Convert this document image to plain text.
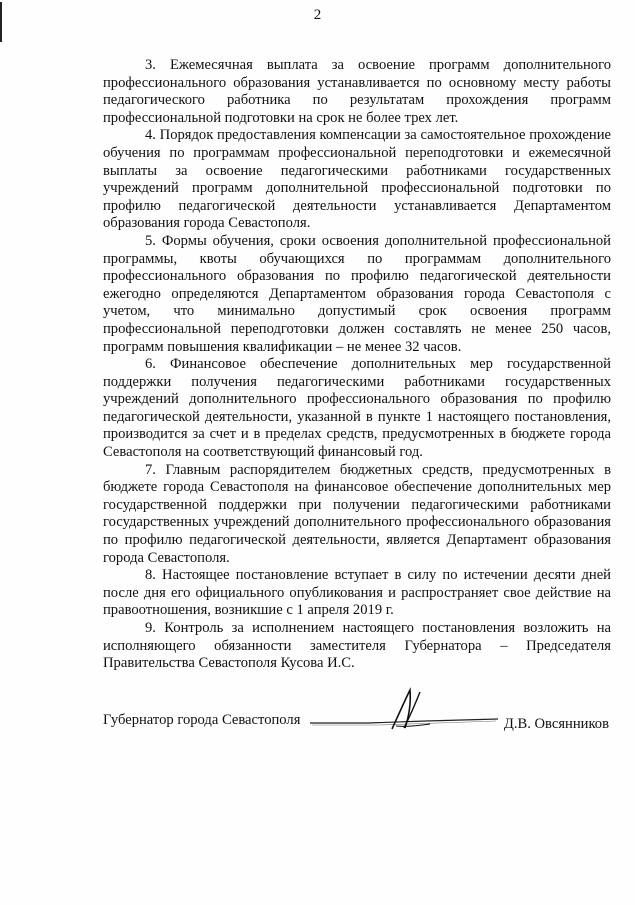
2

3. Ежемесячная выплата за освоение программ дополнительного профессионального образования устанавливается по основному месту работы педагогического работника по результатам прохождения программ профессиональной подготовки на срок не более трех лет.

4. Порядок предоставления компенсации за самостоятельное прохождение обучения по программам профессиональной переподготовки и ежемесячной выплаты за освоение педагогическими работниками государственных учреждений программ дополнительной профессиональной подготовки по профилю педагогической деятельности устанавливается Департаментом образования города Севастополя.

5. Формы обучения, сроки освоения дополнительной профессиональной программы, квоты обучающихся по программам дополнительного профессионального образования по профилю педагогической деятельности ежегодно определяются Департаментом образования города Севастополя с учетом, что минимально допустимый срок освоения программ профессиональной переподготовки должен составлять не менее 250 часов, программ повышения квалификации – не менее 32 часов.

6. Финансовое обеспечение дополнительных мер государственной поддержки получения педагогическими работниками государственных учреждений дополнительного профессионального образования по профилю педагогической деятельности, указанной в пункте 1 настоящего постановления, производится за счет и в пределах средств, предусмотренных в бюджете города Севастополя на соответствующий финансовый год.

7. Главным распорядителем бюджетных средств, предусмотренных в бюджете города Севастополя на финансовое обеспечение дополнительных мер государственной поддержки при получении педагогическими работниками государственных учреждений дополнительного профессионального образования по профилю педагогической деятельности, является Департамент образования города Севастополя.

8. Настоящее постановление вступает в силу по истечении десяти дней после дня его официального опубликования и распространяет свое действие на правоотношения, возникшие с 1 апреля 2019 г.

9. Контроль за исполнением настоящего постановления возложить на исполняющего обязанности заместителя Губернатора – Председателя Правительства Севастополя Кусова И.С.

Губернатор города Севастополя	Д.В. Овсянников
